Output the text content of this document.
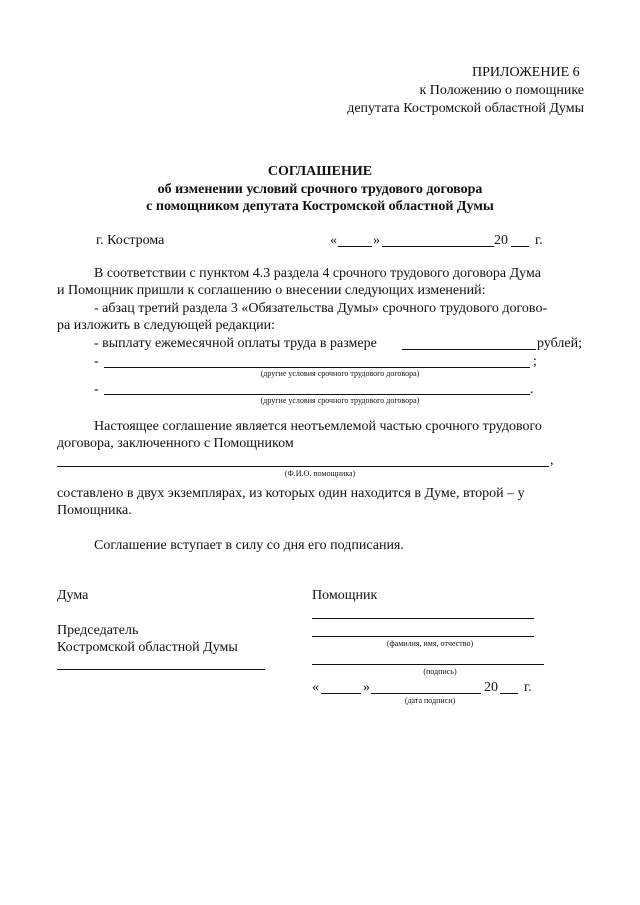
ПРИЛОЖЕНИЕ 6
к Положению о помощнике
депутата Костромской областной Думы
СОГЛАШЕНИЕ
об изменении условий срочного трудового договора
с помощником депутата Костромской областной Думы
г. Кострома	«	»	20 г.
В соответствии с пунктом 4.3 раздела 4 срочного трудового договора Дума
и Помощник пришли к соглашению о внесении следующих изменений:
- абзац третий раздела 3 «Обязательства Думы» срочного трудового догово-
ра изложить в следующей редакции:
- выплату ежемесячной оплаты труда в размере	рублей;
-	;
(другие условия срочного трудового договора)
-	.
(другие условия срочного трудового договора)
Настоящее соглашение является неотъемлемой частью срочного трудового
договора, заключенного с Помощником
,
(Ф.И.О. помощника)
составлено в двух экземплярах, из которых один находится в Думе, второй – у
Помощника.
Соглашение вступает в силу со дня его подписания.
Дума
Председатель
Костромской областной Думы
Помощник
(фамилия, имя, отчество)
(подпись)
«	»	20 г.
(дата подписи)
